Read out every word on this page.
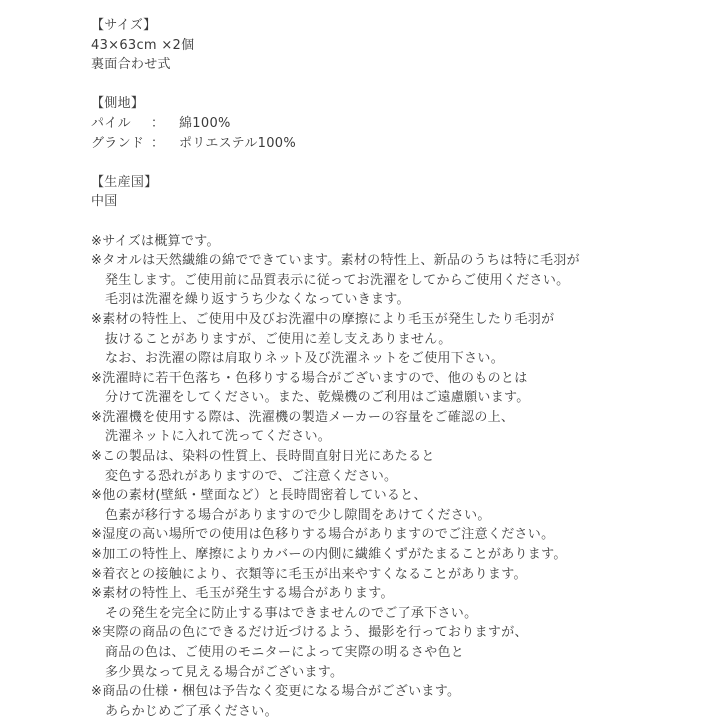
【サイズ】
43×63cm ×2個
裏面合わせ式
【側地】
パイル	：	綿100%
グランド ：	ポリエステル100%
【生産国】
中国
※サイズは概算です。
※タオルは天然繊維の綿でできています。素材の特性上、新品のうちは特に毛羽が
発生します。ご使用前に品質表示に従ってお洗濯をしてからご使用ください。
毛羽は洗濯を繰り返すうち少なくなっていきます。
※素材の特性上、ご使用中及びお洗濯中の摩擦により毛玉が発生したり毛羽が
抜けることがありますが、ご使用に差し支えありません。
なお、お洗濯の際は肩取りネット及び洗濯ネットをご使用下さい。
※洗濯時に若干色落ち・色移りする場合がございますので、他のものとは
分けて洗濯をしてください。また、乾燥機のご利用はご遠慮願います。
※洗濯機を使用する際は、洗濯機の製造メーカーの容量をご確認の上、
洗濯ネットに入れて洗ってください。
※この製品は、染料の性質上、長時間直射日光にあたると
変色する恐れがありますので、ご注意ください。
※他の素材(壁紙・壁面など）と長時間密着していると、
色素が移行する場合がありますので少し隙間をあけてください。
※湿度の高い場所での使用は色移りする場合がありますのでご注意ください。
※加工の特性上、摩擦によりカバーの内側に繊維くずがたまることがあります。
※着衣との接触により、衣類等に毛玉が出来やすくなることがあります。
※素材の特性上、毛玉が発生する場合があります。
その発生を完全に防止する事はできませんのでご了承下さい。
※実際の商品の色にできるだけ近づけるよう、撮影を行っておりますが、
商品の色は、ご使用のモニターによって実際の明るさや色と
多少異なって見える場合がございます。
※商品の仕様・梱包は予告なく変更になる場合がございます。
あらかじめご了承ください。
